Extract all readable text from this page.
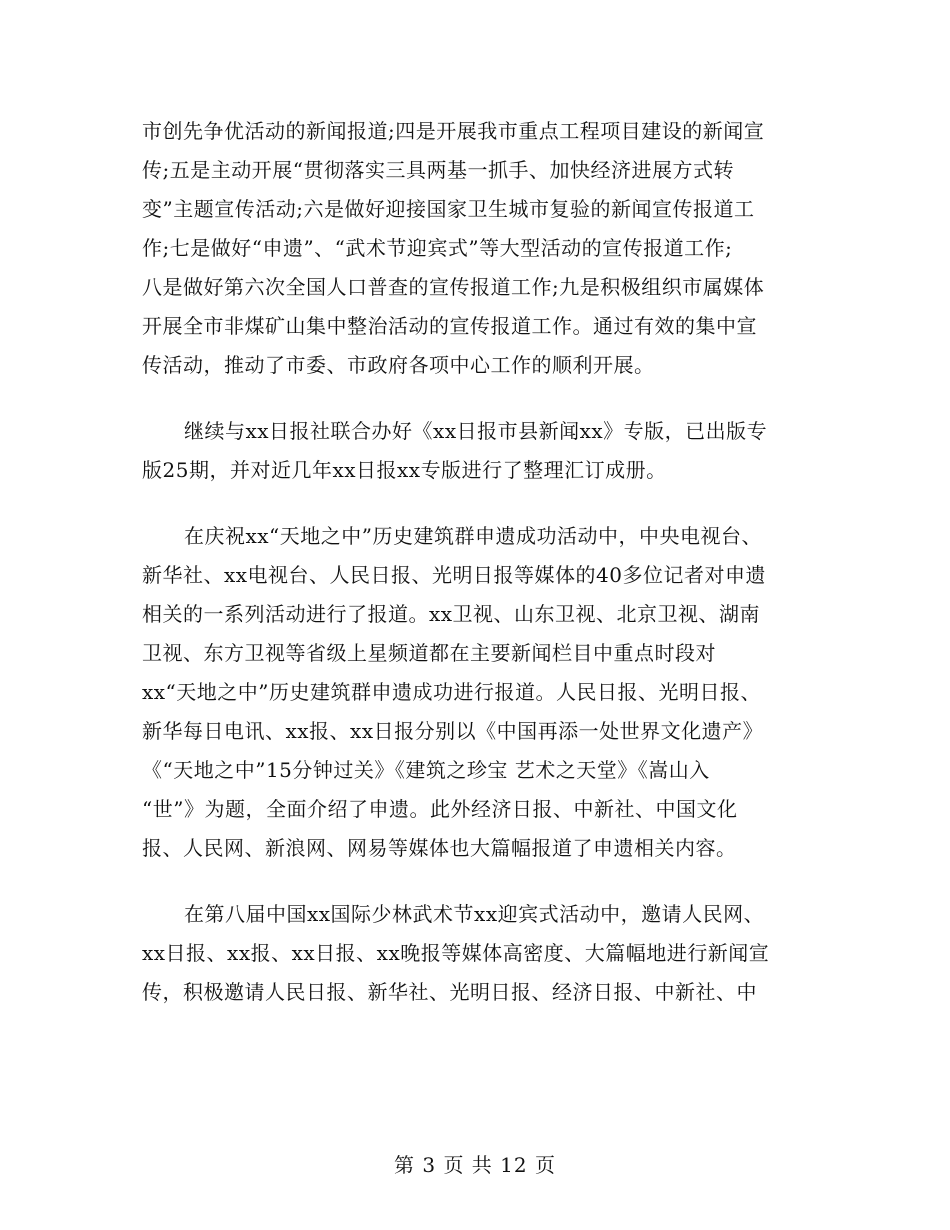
市创先争优活动的新闻报道;四是开展我市重点工程项目建设的新闻宣
传;五是主动开展“贯彻落实三具两基一抓手、加快经济进展方式转
变”主题宣传活动;六是做好迎接国家卫生城市复验的新闻宣传报道工
作;七是做好“申遗”、“武术节迎宾式”等大型活动的宣传报道工作;
八是做好第六次全国人口普查的宣传报道工作;九是积极组织市属媒体
开展全市非煤矿山集中整治活动的宣传报道工作。通过有效的集中宣
传活动，推动了市委、市政府各项中心工作的顺利开展。
继续与xx日报社联合办好《xx日报市县新闻xx》专版，已出版专
版25期，并对近几年xx日报xx专版进行了整理汇订成册。
在庆祝xx“天地之中”历史建筑群申遗成功活动中，中央电视台、
新华社、xx电视台、人民日报、光明日报等媒体的40多位记者对申遗
相关的一系列活动进行了报道。xx卫视、山东卫视、北京卫视、湖南
卫视、东方卫视等省级上星频道都在主要新闻栏目中重点时段对
xx“天地之中”历史建筑群申遗成功进行报道。人民日报、光明日报、
新华每日电讯、xx报、xx日报分别以《中国再添一处世界文化遗产》
《“天地之中”15分钟过关》《建筑之珍宝 艺术之天堂》《嵩山入
“世”》为题，全面介绍了申遗。此外经济日报、中新社、中国文化
报、人民网、新浪网、网易等媒体也大篇幅报道了申遗相关内容。
在第八届中国xx国际少林武术节xx迎宾式活动中，邀请人民网、
xx日报、xx报、xx日报、xx晚报等媒体高密度、大篇幅地进行新闻宣
传，积极邀请人民日报、新华社、光明日报、经济日报、中新社、中
第 3 页 共 12 页
